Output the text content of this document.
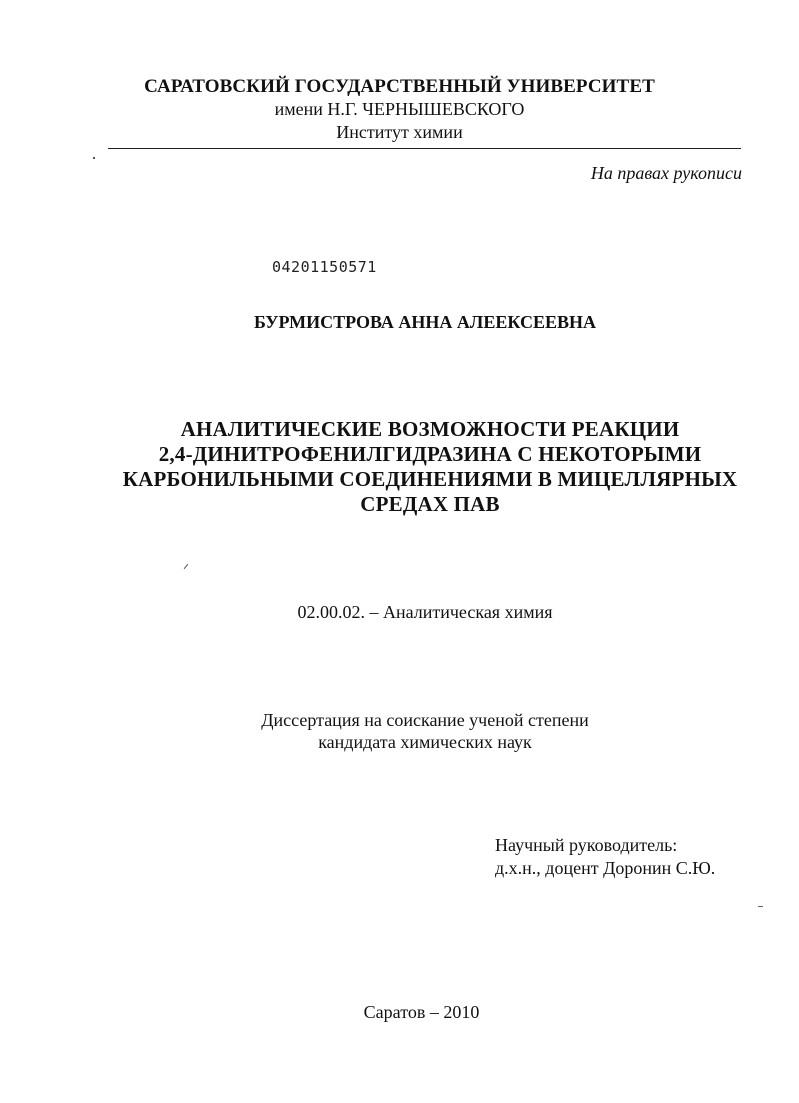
САРАТОВСКИЙ ГОСУДАРСТВЕННЫЙ УНИВЕРСИТЕТ
имени Н.Г. ЧЕРНЫШЕВСКОГО
Институт химии
На правах рукописи
04201150571
БУРМИСТРОВА АННА АЛЕЕКСЕЕВНА
АНАЛИТИЧЕСКИЕ ВОЗМОЖНОСТИ РЕАКЦИИ
2,4-ДИНИТРОФЕНИЛГИДРАЗИНА С НЕКОТОРЫМИ
КАРБОНИЛЬНЫМИ СОЕДИНЕНИЯМИ В МИЦЕЛЛЯРНЫХ
СРЕДАХ ПАВ
02.00.02. – Аналитическая химия
Диссертация на соискание ученой степени
кандидата химических наук
Научный руководитель:
д.х.н., доцент Доронин С.Ю.
Саратов – 2010
